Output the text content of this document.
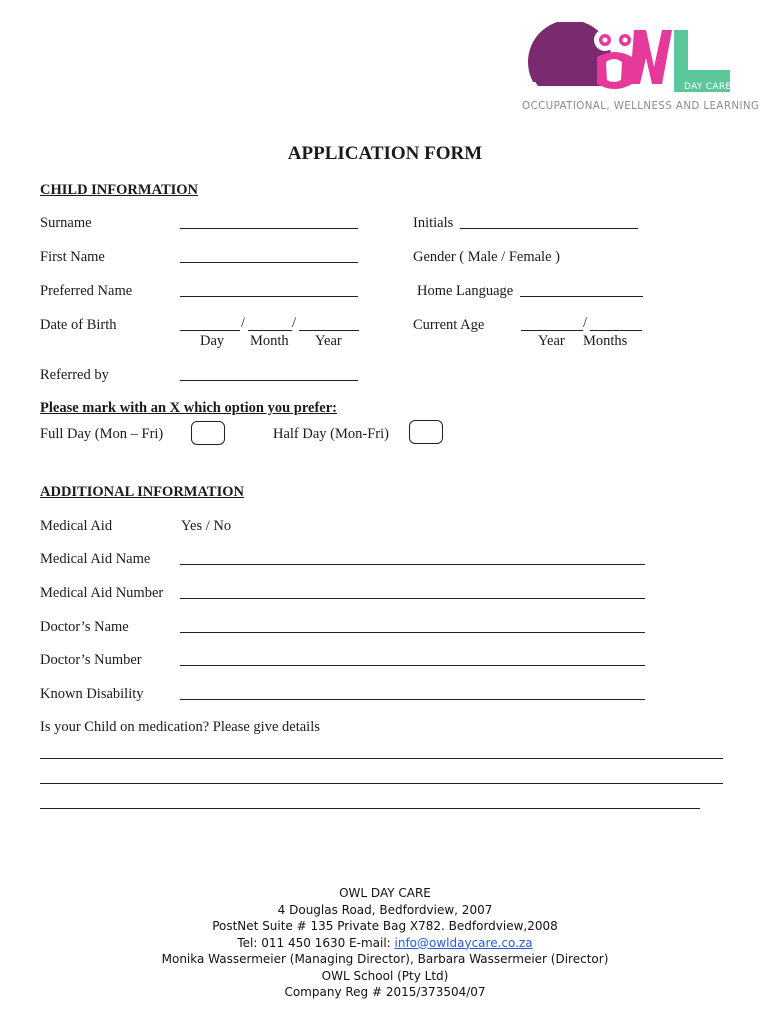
DAY CARE
OCCUPATIONAL, WELLNESS AND LEARNING
APPLICATION FORM
CHILD INFORMATION
Surname	Initials
First Name	Gender ( Male / Female )
Preferred Name	Home Language
Date of Birth	/	/
Day Month Year
Current Age	/
Year Months
Referred by
Please mark with an X which option you prefer:
Full Day (Mon – Fri)	Half Day (Mon-Fri)
ADDITIONAL INFORMATION
Medical Aid	Yes / No
Medical Aid Name
Medical Aid Number
Doctor’s Name
Doctor’s Number
Known Disability
Is your Child on medication? Please give details
OWL DAY CARE
4 Douglas Road, Bedfordview, 2007
PostNet Suite # 135 Private Bag X782. Bedfordview,2008
Tel: 011 450 1630 E-mail: info@owldaycare.co.za
Monika Wassermeier (Managing Director), Barbara Wassermeier (Director)
OWL School (Pty Ltd)
Company Reg # 2015/373504/07
